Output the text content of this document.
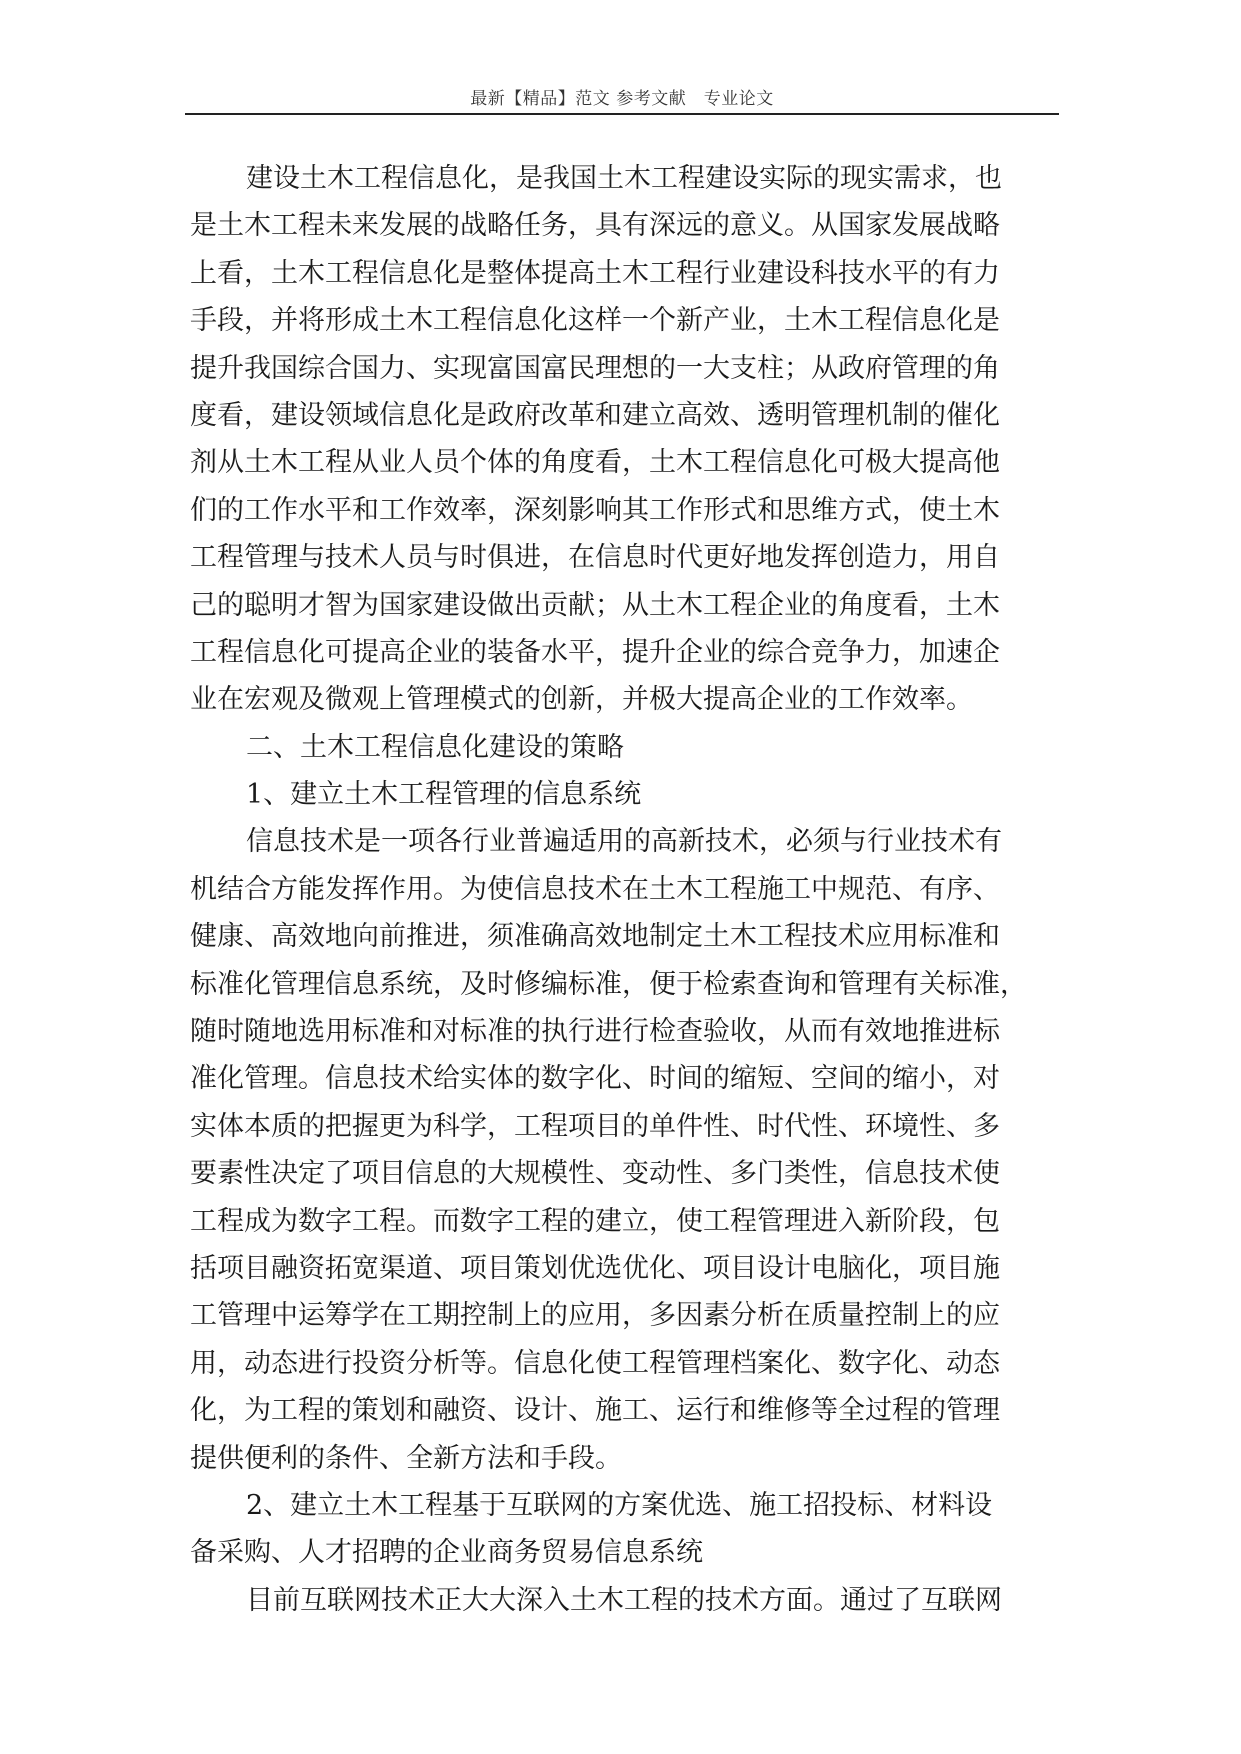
最新【精品】范文 参考文献　专业论文
建设土木工程信息化，是我国土木工程建设实际的现实需求，也
是土木工程未来发展的战略任务，具有深远的意义。从国家发展战略
上看，土木工程信息化是整体提高土木工程行业建设科技水平的有力
手段，并将形成土木工程信息化这样一个新产业，土木工程信息化是
提升我国综合国力、实现富国富民理想的一大支柱；从政府管理的角
度看，建设领域信息化是政府改革和建立高效、透明管理机制的催化
剂从土木工程从业人员个体的角度看，土木工程信息化可极大提高他
们的工作水平和工作效率，深刻影响其工作形式和思维方式，使土木
工程管理与技术人员与时俱进，在信息时代更好地发挥创造力，用自
己的聪明才智为国家建设做出贡献；从土木工程企业的角度看，土木
工程信息化可提高企业的装备水平，提升企业的综合竞争力，加速企
业在宏观及微观上管理模式的创新，并极大提高企业的工作效率。
二、土木工程信息化建设的策略
1、建立土木工程管理的信息系统
信息技术是一项各行业普遍适用的高新技术，必须与行业技术有
机结合方能发挥作用。为使信息技术在土木工程施工中规范、有序、
健康、高效地向前推进，须准确高效地制定土木工程技术应用标准和
标准化管理信息系统，及时修编标准，便于检索查询和管理有关标准，
随时随地选用标准和对标准的执行进行检查验收，从而有效地推进标
准化管理。信息技术给实体的数字化、时间的缩短、空间的缩小，对
实体本质的把握更为科学，工程项目的单件性、时代性、环境性、多
要素性决定了项目信息的大规模性、变动性、多门类性，信息技术使
工程成为数字工程。而数字工程的建立，使工程管理进入新阶段，包
括项目融资拓宽渠道、项目策划优选优化、项目设计电脑化，项目施
工管理中运筹学在工期控制上的应用，多因素分析在质量控制上的应
用，动态进行投资分析等。信息化使工程管理档案化、数字化、动态
化，为工程的策划和融资、设计、施工、运行和维修等全过程的管理
提供便利的条件、全新方法和手段。
2、建立土木工程基于互联网的方案优选、施工招投标、材料设
备采购、人才招聘的企业商务贸易信息系统
目前互联网技术正大大深入土木工程的技术方面。通过了互联网
